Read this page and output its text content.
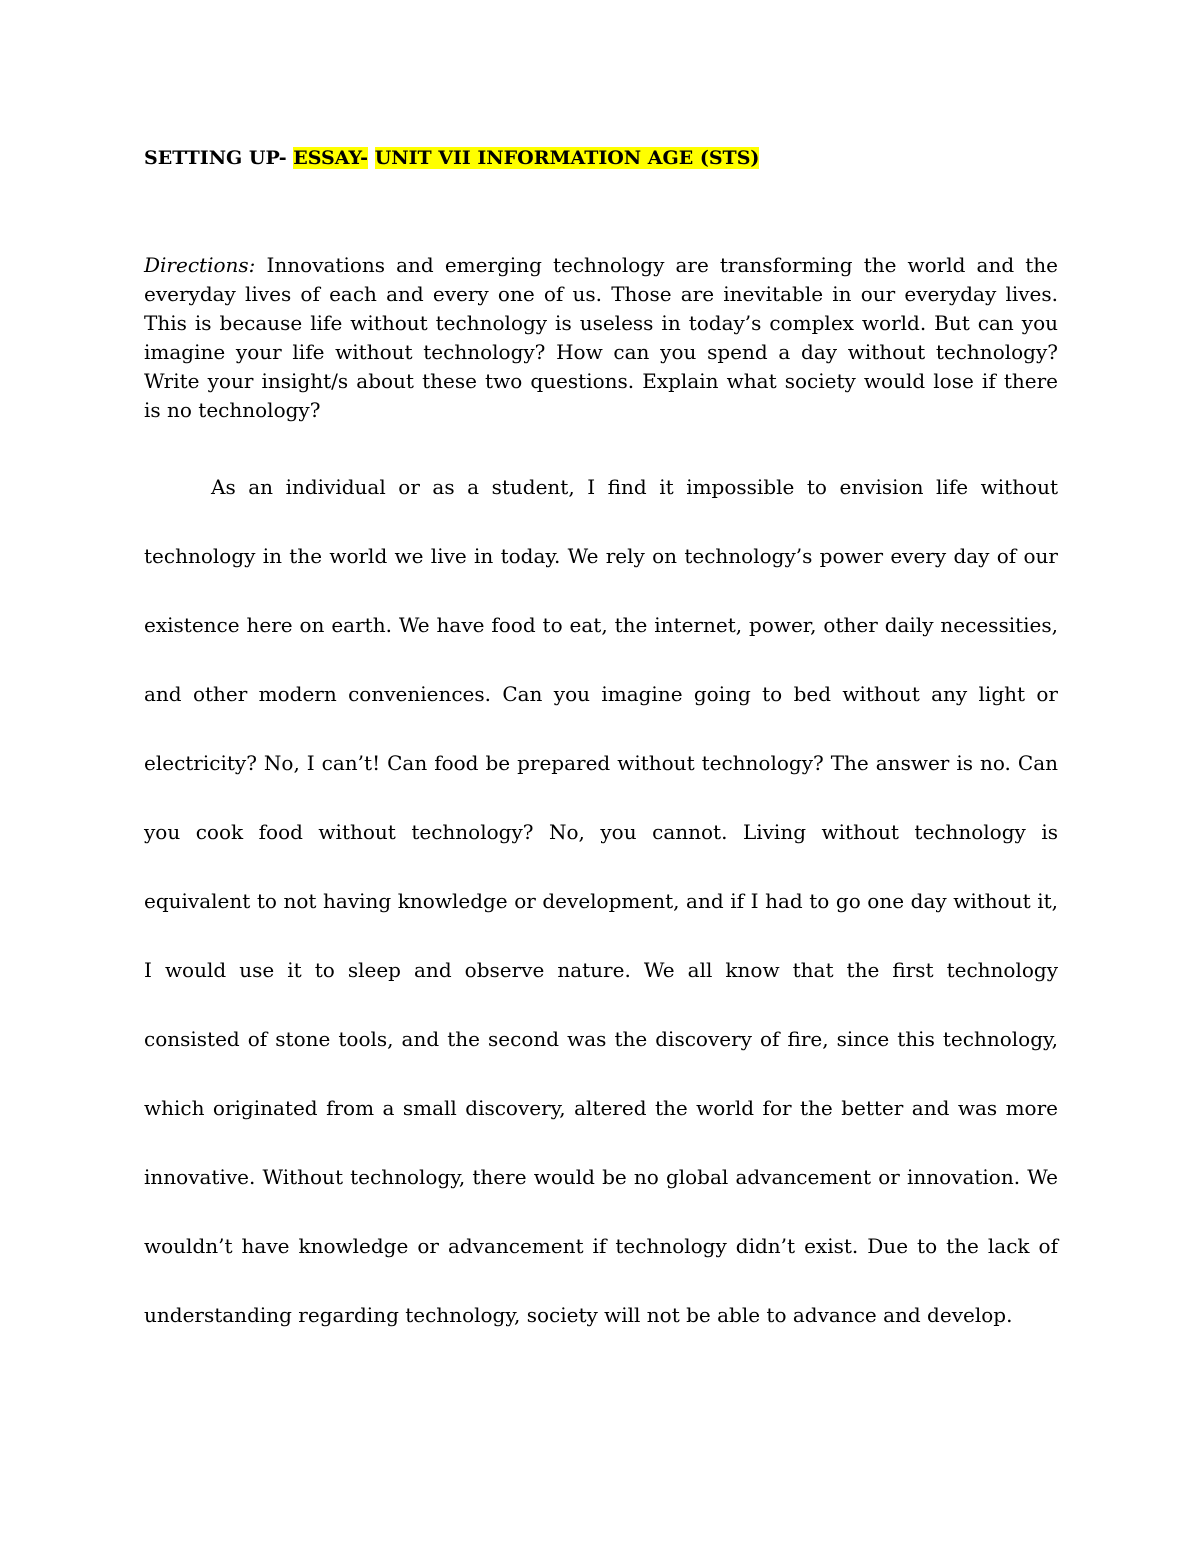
SETTING UP- ESSAY- UNIT VII INFORMATION AGE (STS)

Directions: Innovations and emerging technology are transforming the world and the everyday lives of each and every one of us. Those are inevitable in our everyday lives. This is because life without technology is useless in today’s complex world. But can you imagine your life without technology? How can you spend a day without technology? Write your insight/s about these two questions. Explain what society would lose if there is no technology?

As an individual or as a student, I find it impossible to envision life without technology in the world we live in today. We rely on technology’s power every day of our existence here on earth. We have food to eat, the internet, power, other daily necessities, and other modern conveniences. Can you imagine going to bed without any light or electricity? No, I can’t! Can food be prepared without technology? The answer is no. Can you cook food without technology? No, you cannot. Living without technology is equivalent to not having knowledge or development, and if I had to go one day without it, I would use it to sleep and observe nature. We all know that the first technology consisted of stone tools, and the second was the discovery of fire, since this technology, which originated from a small discovery, altered the world for the better and was more innovative. Without technology, there would be no global advancement or innovation. We wouldn’t have knowledge or advancement if technology didn’t exist. Due to the lack of understanding regarding technology, society will not be able to advance and develop.
